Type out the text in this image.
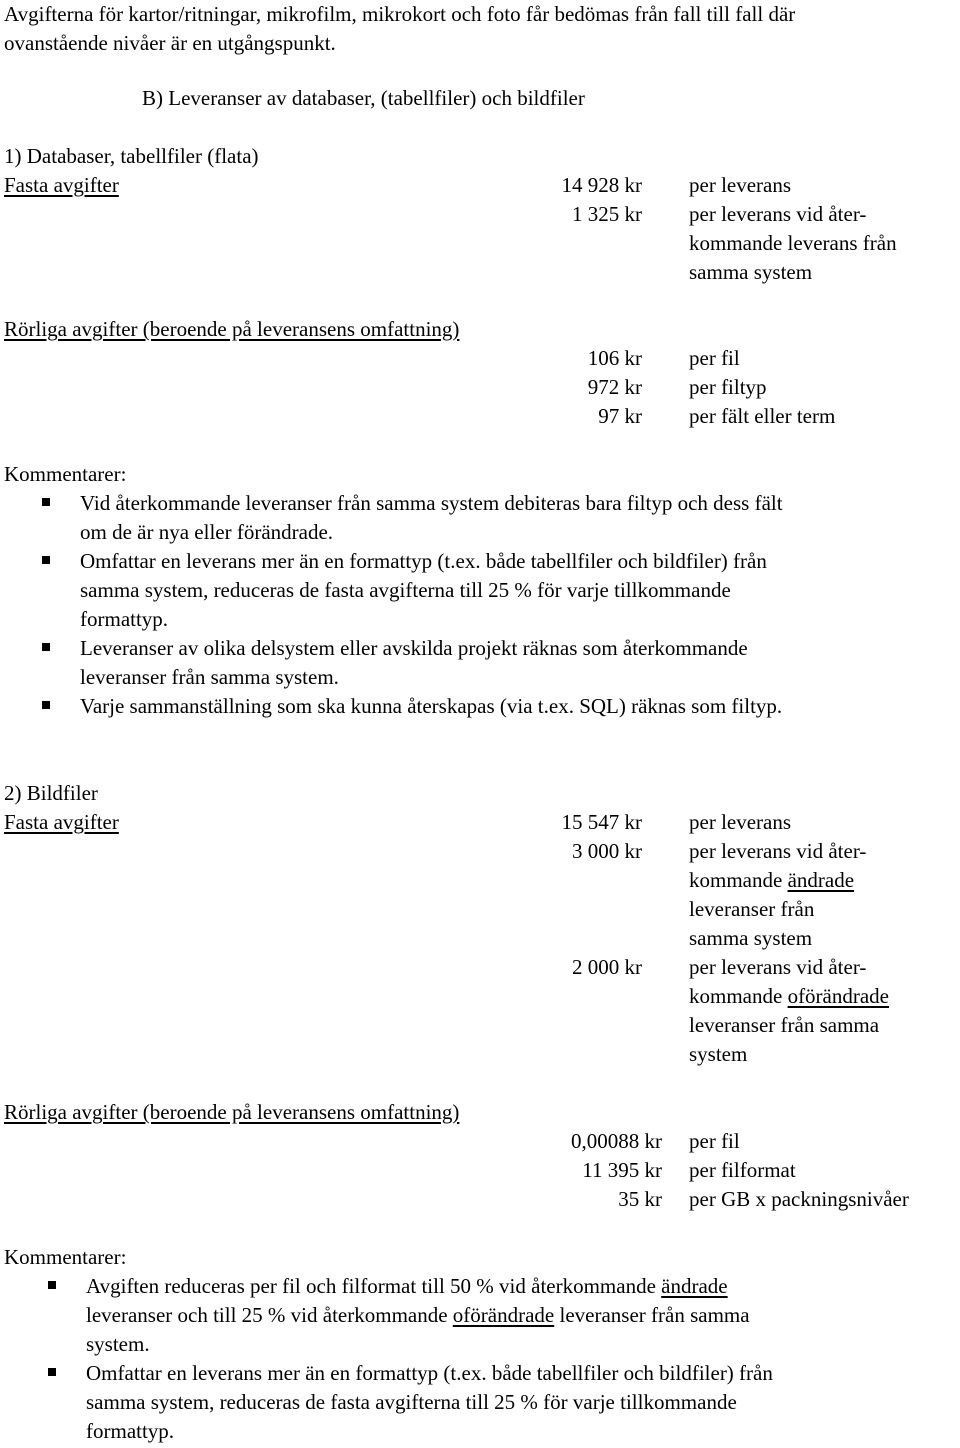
Avgifterna för kartor/ritningar, mikrofilm, mikrokort och foto får bedömas från fall till fall där
ovanstående nivåer är en utgångspunkt.
B) Leveranser av databaser, (tabellfiler) och bildfiler
1) Databaser, tabellfiler (flata)
Fasta avgifter	14 928 kr per leverans
1 325 kr per leverans vid åter-
kommande leverans från
samma system
Rörliga avgifter (beroende på leveransens omfattning)
106 kr per fil
972 kr per filtyp
97 kr per fält eller term
Kommentarer:
Vid återkommande leveranser från samma system debiteras bara filtyp och dess fält
om de är nya eller förändrade.
Omfattar en leverans mer än en formattyp (t.ex. både tabellfiler och bildfiler) från
samma system, reduceras de fasta avgifterna till 25 % för varje tillkommande
formattyp.
Leveranser av olika delsystem eller avskilda projekt räknas som återkommande
leveranser från samma system.
Varje sammanställning som ska kunna återskapas (via t.ex. SQL) räknas som filtyp.
2) Bildfiler
Fasta avgifter	15 547 kr per leverans
3 000 kr per leverans vid åter-
kommande ändrade
leveranser från
samma system
2 000 kr per leverans vid åter-
kommande oförändrade
leveranser från samma
system
Rörliga avgifter (beroende på leveransens omfattning)
0,00088 kr per fil
11 395 kr per filformat
35 kr per GB x packningsnivåer
Kommentarer:
Avgiften reduceras per fil och filformat till 50 % vid återkommande ändrade
leveranser och till 25 % vid återkommande oförändrade leveranser från samma
system.
Omfattar en leverans mer än en formattyp (t.ex. både tabellfiler och bildfiler) från
samma system, reduceras de fasta avgifterna till 25 % för varje tillkommande
formattyp.
